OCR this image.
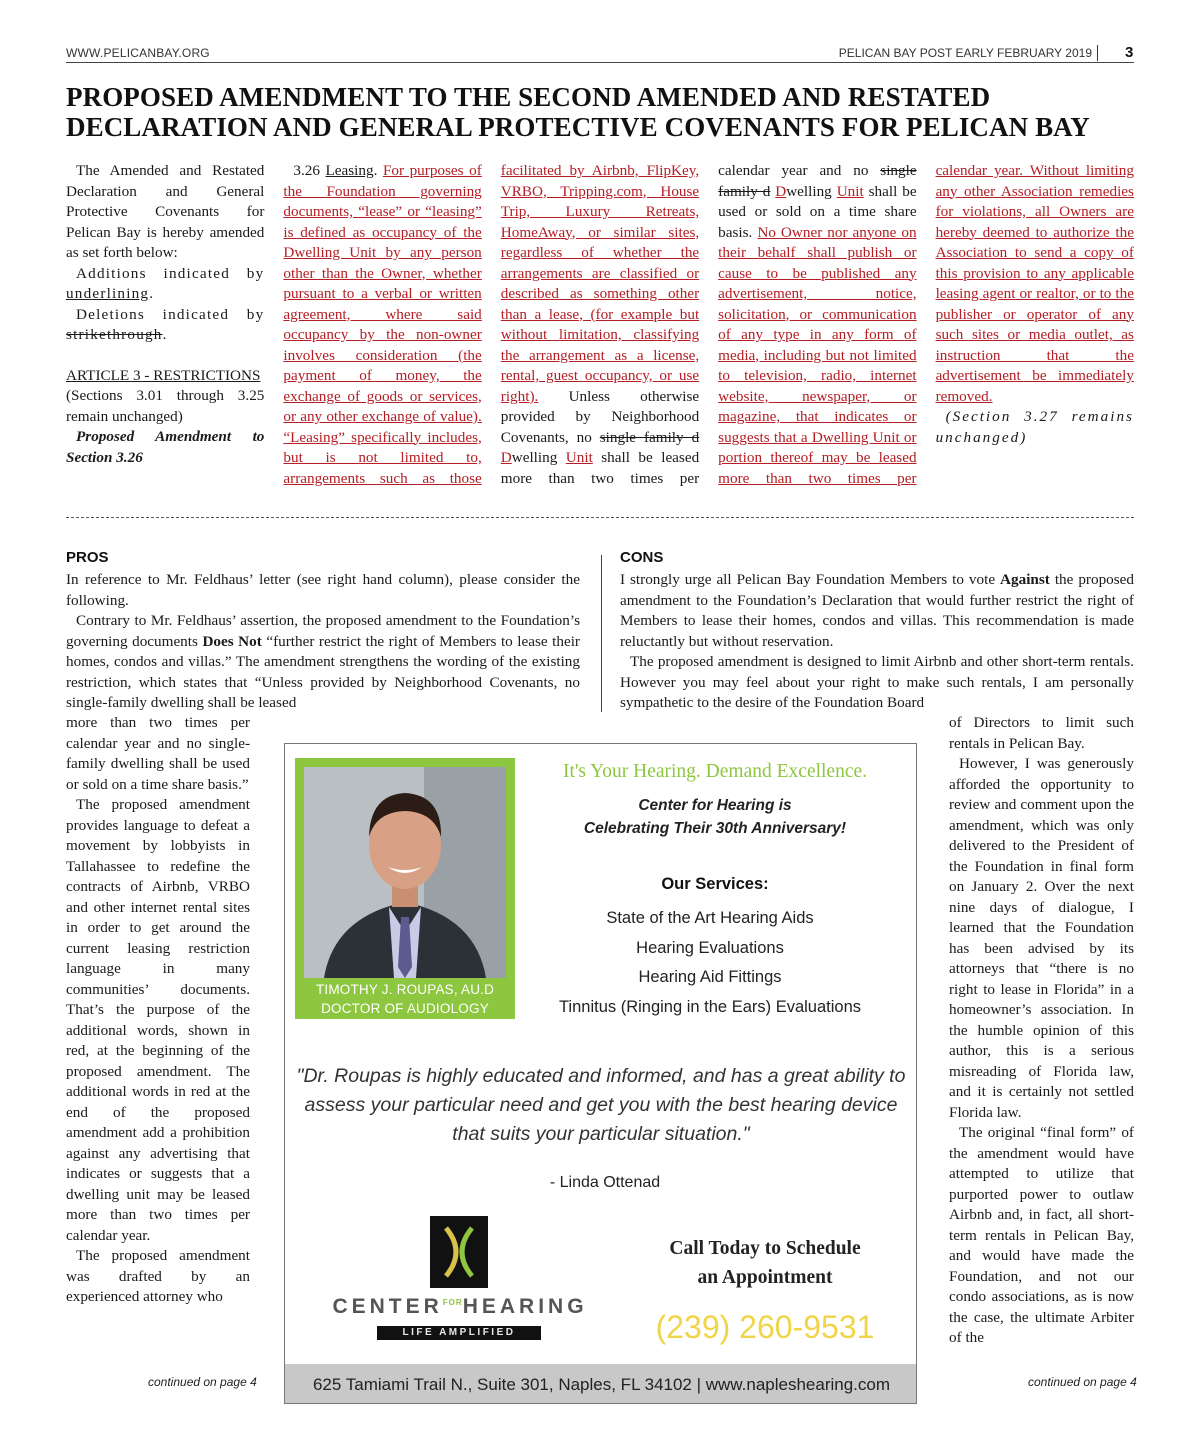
WWW.PELICANBAY.ORG	PELICAN BAY POST EARLY FEBRUARY 2019 3
PROPOSED AMENDMENT TO THE SECOND AMENDED AND RESTATED DECLARATION AND GENERAL PROTECTIVE COVENANTS FOR PELICAN BAY

The Amended and Restated Declaration and General Protective Covenants for Pelican Bay is hereby amended as set forth below:

Additions indicated by underlining.

Deletions indicated by strikethrough.

ARTICLE 3 - RESTRICTIONS

(Sections 3.01 through 3.25 remain unchanged)

Proposed Amendment to Section 3.26

3.26 Leasing. For purposes of the Foundation governing documents, “lease” or “leasing” is defined as occupancy of the Dwelling Unit by any person other than the Owner, whether pursuant to a verbal or written agreement, where said occupancy by the non-owner involves consideration (the payment of money, the exchange of goods or services, or any other exchange of value). “Leasing” specifically includes, but is not limited to, arrangements such as those facilitated by Airbnb, FlipKey, VRBO, Tripping.com, House Trip, Luxury Retreats, HomeAway, or similar sites, regardless of whether the arrangements are classified or described as something other than a lease, (for example but without limitation, classifying the arrangement as a license, rental, guest occupancy, or use right). Unless otherwise provided by Neighborhood Covenants, no single family d Dwelling Unit shall be leased more than two times per calendar year and no single family d Dwelling Unit shall be used or sold on a time share basis. No Owner nor anyone on their behalf shall publish or cause to be published any advertisement, notice, solicitation, or communication of any type in any form of media, including but not limited to television, radio, internet website, newspaper, or magazine, that indicates or suggests that a Dwelling Unit or portion thereof may be leased more than two times per calendar year. Without limiting any other Association remedies for violations, all Owners are hereby deemed to authorize the Association to send a copy of this provision to any applicable leasing agent or realtor, or to the publisher or operator of any such sites or media outlet, as instruction that the advertisement be immediately removed.

(Section 3.27 remains unchanged)

PROS

In reference to Mr. Feldhaus’ letter (see right hand column), please consider the following.

Contrary to Mr. Feldhaus’ assertion, the proposed amendment to the Foundation’s governing documents Does Not “further restrict the right of Members to lease their homes, condos and villas.” The amendment strengthens the wording of the existing restriction, which states that “Unless provided by Neighborhood Covenants, no single-family dwelling shall be leased

more than two times per calendar year and no single-family dwelling shall be used or sold on a time share basis.”

The proposed amendment provides language to defeat a movement by lobbyists in Tallahassee to redefine the contracts of Airbnb, VRBO and other internet rental sites in order to get around the current leasing restriction language in many communities’ documents. That’s the purpose of the additional words, shown in red, at the beginning of the proposed amendment. The additional words in red at the end of the proposed amendment add a prohibition against any advertising that indicates or suggests that a dwelling unit may be leased more than two times per calendar year.

The proposed amendment was drafted by an experienced attorney who

continued on page 4
CONS

I strongly urge all Pelican Bay Foundation Members to vote Against the proposed amendment to the Foundation’s Declaration that would further restrict the right of Members to lease their homes, condos and villas. This recommendation is made reluctantly but without reservation.

The proposed amendment is designed to limit Airbnb and other short-term rentals. However you may feel about your right to make such rentals, I am personally sympathetic to the desire of the Foundation Board

of Directors to limit such rentals in Pelican Bay.

However, I was generously afforded the opportunity to review and comment upon the amendment, which was only delivered to the President of the Foundation in final form on January 2. Over the next nine days of dialogue, I learned that the Foundation has been advised by its attorneys that “there is no right to lease in Florida” in a homeowner’s association. In the humble opinion of this author, this is a serious misreading of Florida law, and it is certainly not settled Florida law.

The original “final form” of the amendment would have attempted to utilize that purported power to outlaw Airbnb and, in fact, all short-term rentals in Pelican Bay, and would have made the Foundation, and not our condo associations, as is now the case, the ultimate Arbiter of the

continued on page 4
TIMOTHY J. ROUPAS, AU.D
DOCTOR OF AUDIOLOGY
It's Your Hearing. Demand Excellence.
Center for Hearing is
Celebrating Their 30th Anniversary!
Our Services:
State of the Art Hearing Aids
Hearing Evaluations
Hearing Aid Fittings
Tinnitus (Ringing in the Ears) Evaluations
"Dr. Roupas is highly educated and informed, and has a great ability to assess your particular need and get you with the best hearing device that suits your particular situation."
- Linda Ottenad
$CENTER^{FOR}HEARING$
LIFE AMPLIFIED
Call Today to Schedule
an Appointment
(239) 260-9531
625 Tamiami Trail N., Suite 301, Naples, FL 34102 | www.napleshearing.com
